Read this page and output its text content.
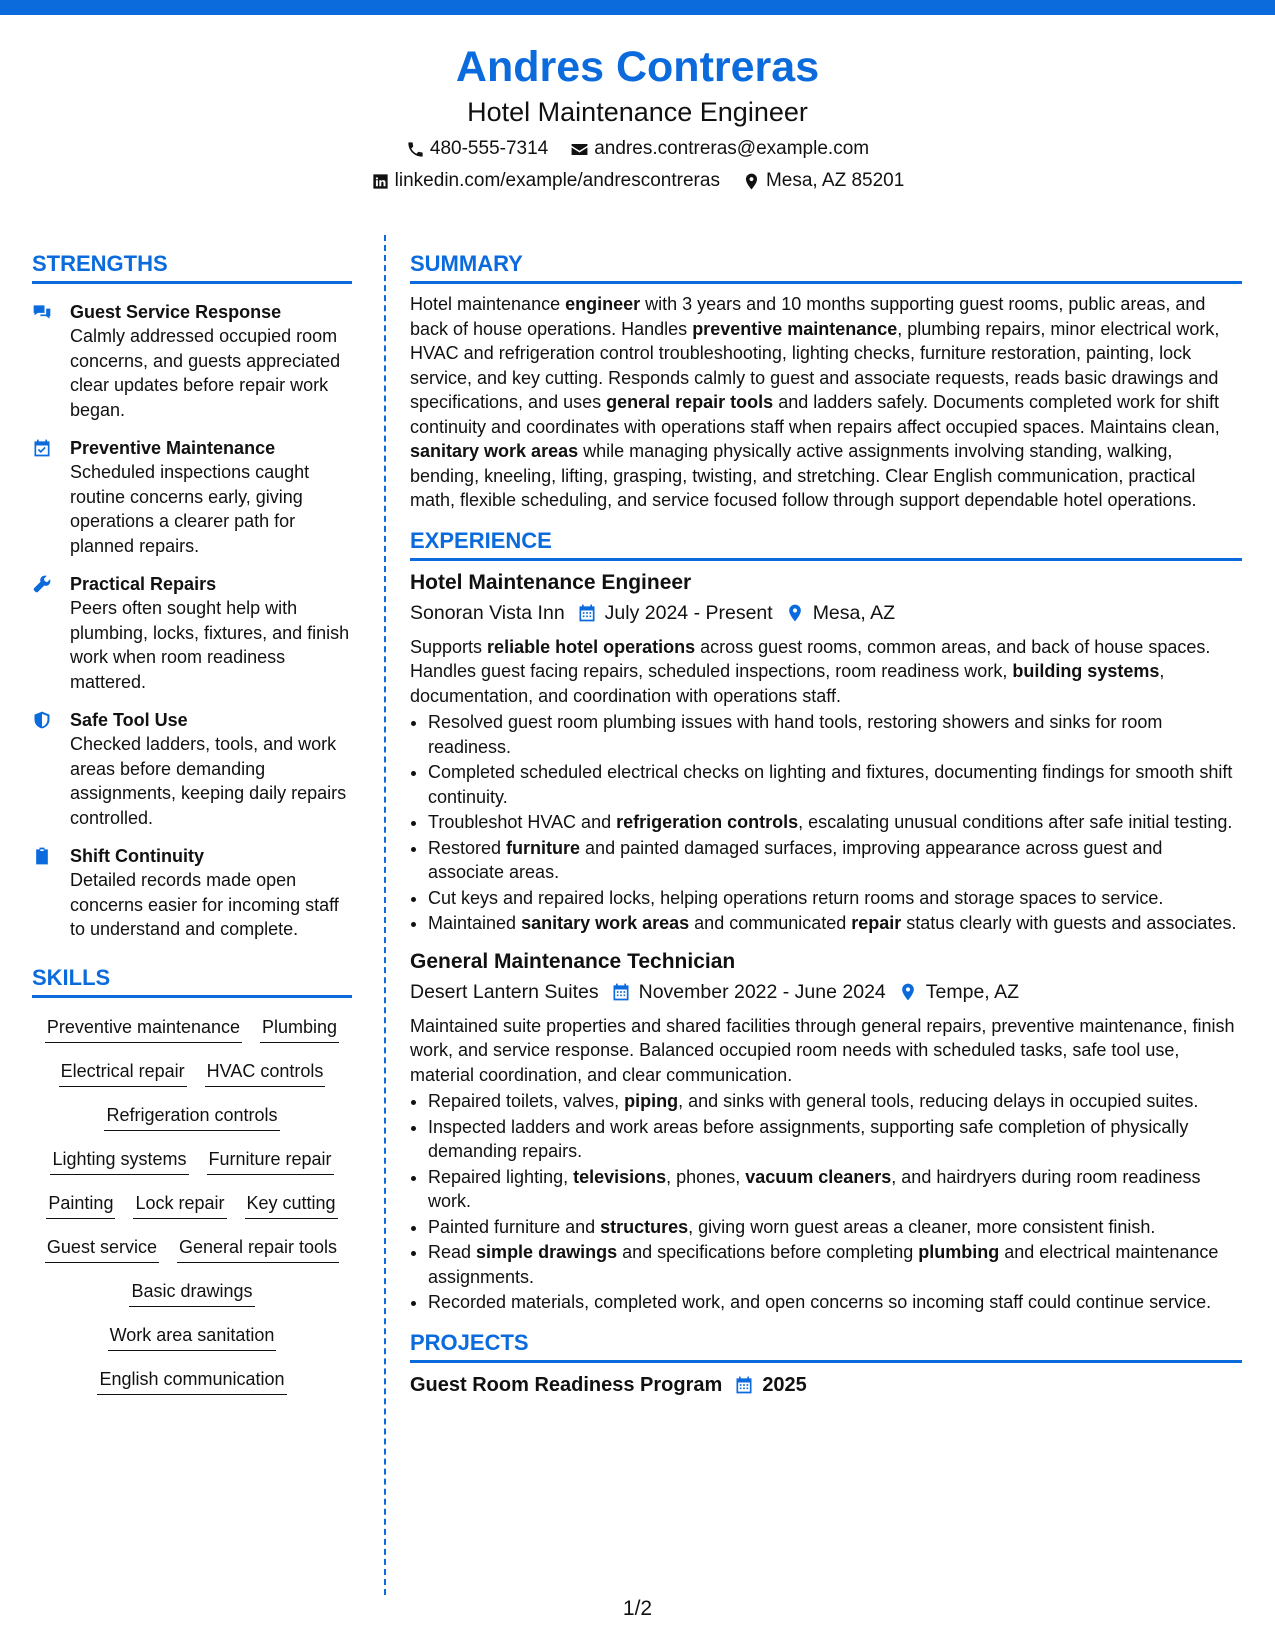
Andres Contreras
Hotel Maintenance Engineer
480-555-7314 andres.contreras@example.com
linkedin.com/example/andrescontreras Mesa, AZ 85201
STRENGTHS
Guest Service Response
Calmly addressed occupied room concerns, and guests appreciated clear updates before repair work began.
Preventive Maintenance
Scheduled inspections caught routine concerns early, giving operations a clearer path for planned repairs.
Practical Repairs
Peers often sought help with plumbing, locks, fixtures, and finish work when room readiness mattered.
Safe Tool Use
Checked ladders, tools, and work areas before demanding assignments, keeping daily repairs controlled.
Shift Continuity
Detailed records made open concerns easier for incoming staff to understand and complete.
SKILLS
Preventive maintenance Plumbing
Electrical repair HVAC controls
Refrigeration controls
Lighting systems Furniture repair
Painting Lock repair Key cutting
Guest service General repair tools
Basic drawings
Work area sanitation
English communication
SUMMARY

Hotel maintenance engineer with 3 years and 10 months supporting guest rooms, public areas, and back of house operations. Handles preventive maintenance, plumbing repairs, minor electrical work, HVAC and refrigeration control troubleshooting, lighting checks, furniture restoration, painting, lock service, and key cutting. Responds calmly to guest and associate requests, reads basic drawings and specifications, and uses general repair tools and ladders safely. Documents completed work for shift continuity and coordinates with operations staff when repairs affect occupied spaces. Maintains clean, sanitary work areas while managing physically active assignments involving standing, walking, bending, kneeling, lifting, grasping, twisting, and stretching. Clear English communication, practical math, flexible scheduling, and service focused follow through support dependable hotel operations.

EXPERIENCE
Hotel Maintenance Engineer
Sonoran Vista Inn July 2024 - Present Mesa, AZ

Supports reliable hotel operations across guest rooms, common areas, and back of house spaces. Handles guest facing repairs, scheduled inspections, room readiness work, building systems, documentation, and coordination with operations staff.

• Resolved guest room plumbing issues with hand tools, restoring showers and sinks for room readiness.
• Completed scheduled electrical checks on lighting and fixtures, documenting findings for smooth shift continuity.
• Troubleshot HVAC and refrigeration controls, escalating unusual conditions after safe initial testing.
• Restored furniture and painted damaged surfaces, improving appearance across guest and associate areas.
• Cut keys and repaired locks, helping operations return rooms and storage spaces to service.
• Maintained sanitary work areas and communicated repair status clearly with guests and associates.
General Maintenance Technician
Desert Lantern Suites November 2022 - June 2024 Tempe, AZ

Maintained suite properties and shared facilities through general repairs, preventive maintenance, finish work, and service response. Balanced occupied room needs with scheduled tasks, safe tool use, material coordination, and clear communication.

• Repaired toilets, valves, piping, and sinks with general tools, reducing delays in occupied suites.
• Inspected ladders and work areas before assignments, supporting safe completion of physically demanding repairs.
• Repaired lighting, televisions, phones, vacuum cleaners, and hairdryers during room readiness work.
• Painted furniture and structures, giving worn guest areas a cleaner, more consistent finish.
• Read simple drawings and specifications before completing plumbing and electrical maintenance assignments.
• Recorded materials, completed work, and open concerns so incoming staff could continue service.
PROJECTS
Guest Room Readiness Program 2025
1/2
